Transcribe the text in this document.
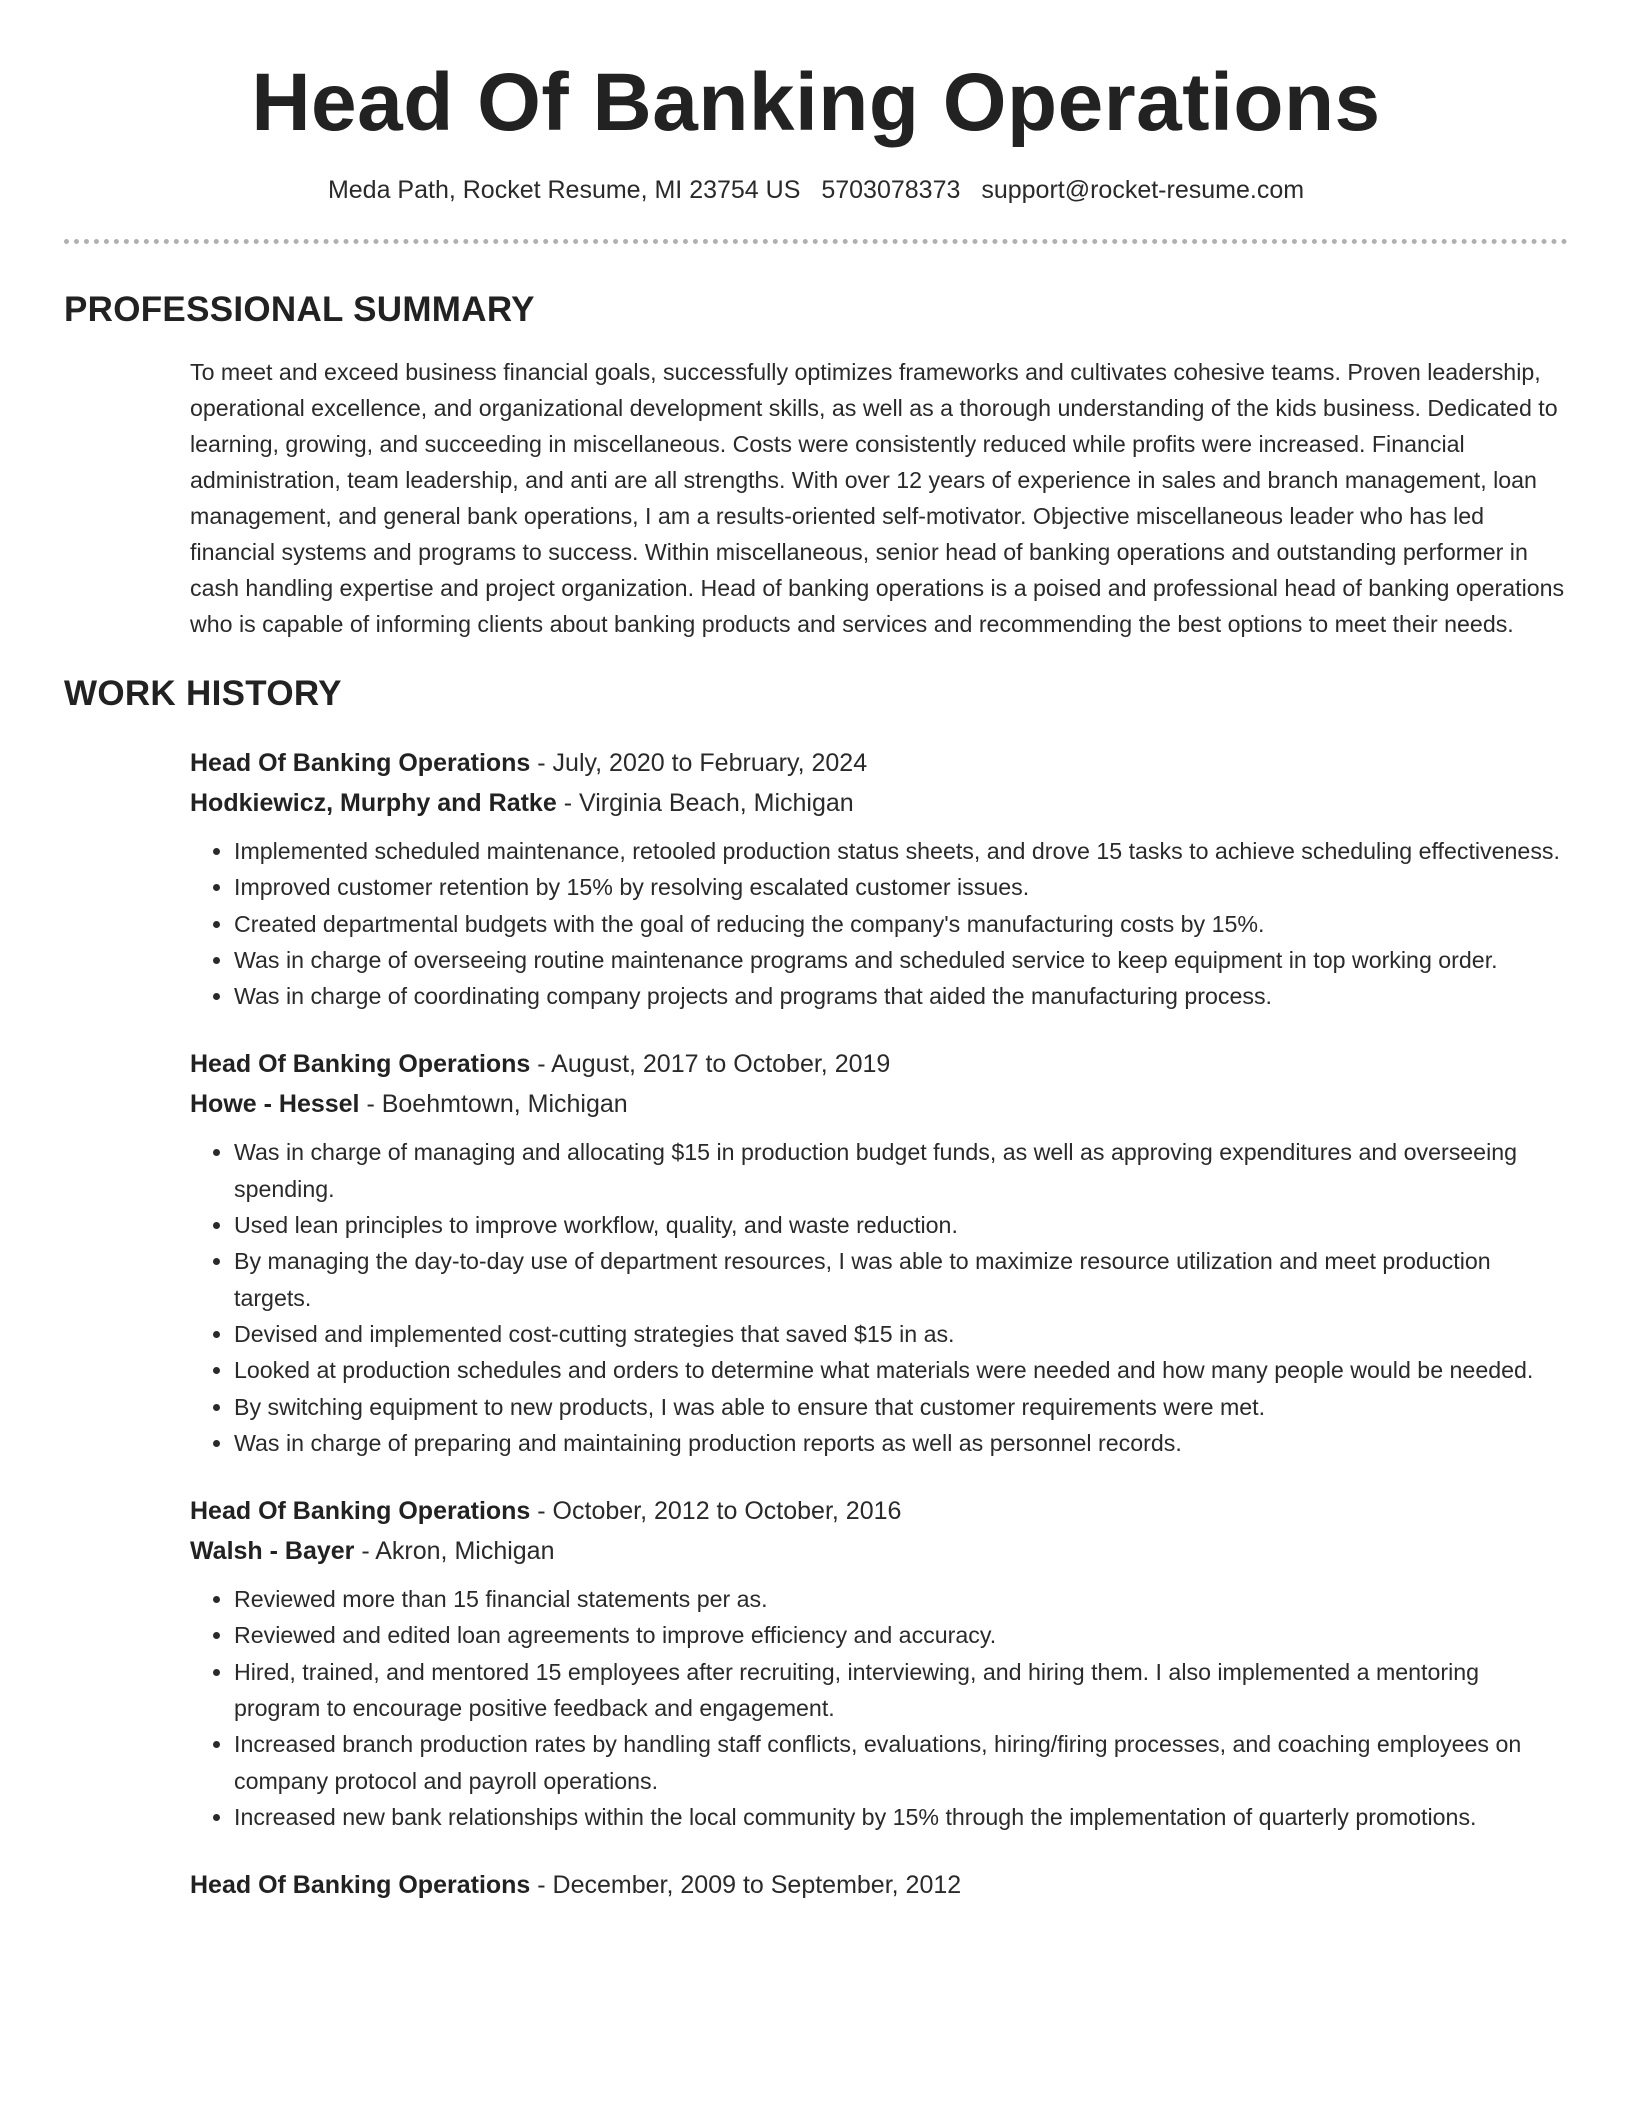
Head Of Banking Operations
Meda Path, Rocket Resume, MI 23754 US 5703078373 support@rocket-resume.com
PROFESSIONAL SUMMARY

To meet and exceed business financial goals, successfully optimizes frameworks and cultivates cohesive teams. Proven leadership, operational excellence, and organizational development skills, as well as a thorough understanding of the kids business. Dedicated to learning, growing, and succeeding in miscellaneous. Costs were consistently reduced while profits were increased. Financial administration, team leadership, and anti are all strengths. With over 12 years of experience in sales and branch management, loan management, and general bank operations, I am a results-oriented self-motivator. Objective miscellaneous leader who has led financial systems and programs to success. Within miscellaneous, senior head of banking operations and outstanding performer in cash handling expertise and project organization. Head of banking operations is a poised and professional head of banking operations who is capable of informing clients about banking products and services and recommending the best options to meet their needs.

WORK HISTORY
Head Of Banking Operations - July, 2020 to February, 2024
Hodkiewicz, Murphy and Ratke - Virginia Beach, Michigan
• Implemented scheduled maintenance, retooled production status sheets, and drove 15 tasks to achieve scheduling effectiveness.
• Improved customer retention by 15% by resolving escalated customer issues.
• Created departmental budgets with the goal of reducing the company's manufacturing costs by 15%.
• Was in charge of overseeing routine maintenance programs and scheduled service to keep equipment in top working order.
• Was in charge of coordinating company projects and programs that aided the manufacturing process.
Head Of Banking Operations - August, 2017 to October, 2019
Howe - Hessel - Boehmtown, Michigan
• Was in charge of managing and allocating $15 in production budget funds, as well as approving expenditures and overseeing spending.
• Used lean principles to improve workflow, quality, and waste reduction.
• By managing the day-to-day use of department resources, I was able to maximize resource utilization and meet production targets.
• Devised and implemented cost-cutting strategies that saved $15 in as.
• Looked at production schedules and orders to determine what materials were needed and how many people would be needed.
• By switching equipment to new products, I was able to ensure that customer requirements were met.
• Was in charge of preparing and maintaining production reports as well as personnel records.
Head Of Banking Operations - October, 2012 to October, 2016
Walsh - Bayer - Akron, Michigan
• Reviewed more than 15 financial statements per as.
• Reviewed and edited loan agreements to improve efficiency and accuracy.
• Hired, trained, and mentored 15 employees after recruiting, interviewing, and hiring them. I also implemented a mentoring program to encourage positive feedback and engagement.
• Increased branch production rates by handling staff conflicts, evaluations, hiring/firing processes, and coaching employees on company protocol and payroll operations.
• Increased new bank relationships within the local community by 15% through the implementation of quarterly promotions.
Head Of Banking Operations - December, 2009 to September, 2012
